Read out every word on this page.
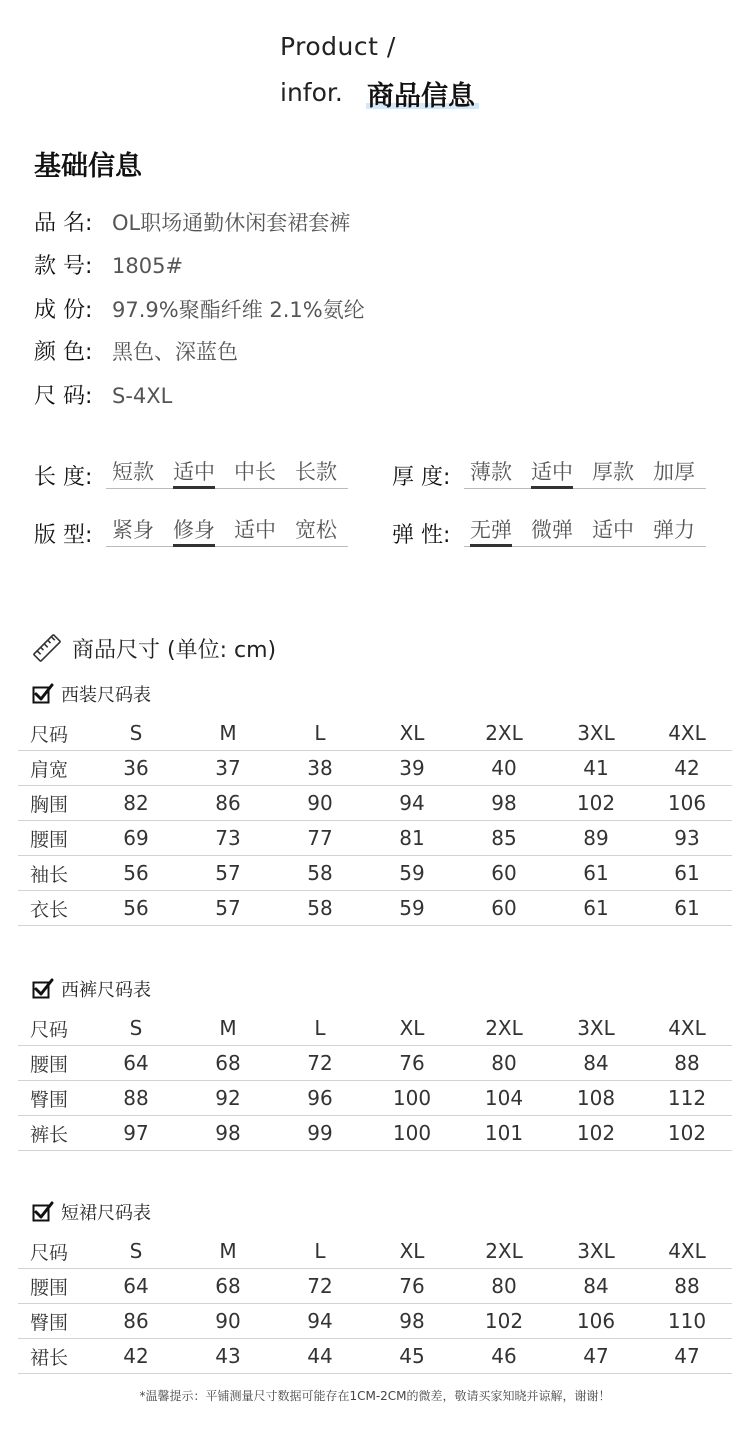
Product /
infor. 商品信息
基础信息
品 名: OL职场通勤休闲套裙套裤
款 号: 1805#
成 份: 97.9%聚酯纤维 2.1%氨纶
颜 色: 黑色、深蓝色
尺 码: S-4XL
长 度: 短款 适中 中长 长款	厚 度: 薄款 适中 厚款 加厚
版 型: 紧身 修身 适中 宽松	弹 性: 无弹 微弹 适中 弹力
商品尺寸 (单位: cm)
西装尺码表
尺码	S	M	L	XL	2XL	3XL	4XL
肩宽	36	37	38	39	40	41	42
胸围	82	86	90	94	98	102	106
腰围	69	73	77	81	85	89	93
袖长	56	57	58	59	60	61	61
衣长	56	57	58	59	60	61	61
西裤尺码表
尺码	S	M	L	XL	2XL	3XL	4XL
腰围	64	68	72	76	80	84	88
臀围	88	92	96	100	104	108	112
裤长	97	98	99	100	101	102	102
短裙尺码表
尺码	S	M	L	XL	2XL	3XL	4XL
腰围	64	68	72	76	80	84	88
臀围	86	90	94	98	102	106	110
裙长	42	43	44	45	46	47	47
*温馨提示：平铺测量尺寸数据可能存在1CM-2CM的微差，敬请买家知晓并谅解，谢谢！
